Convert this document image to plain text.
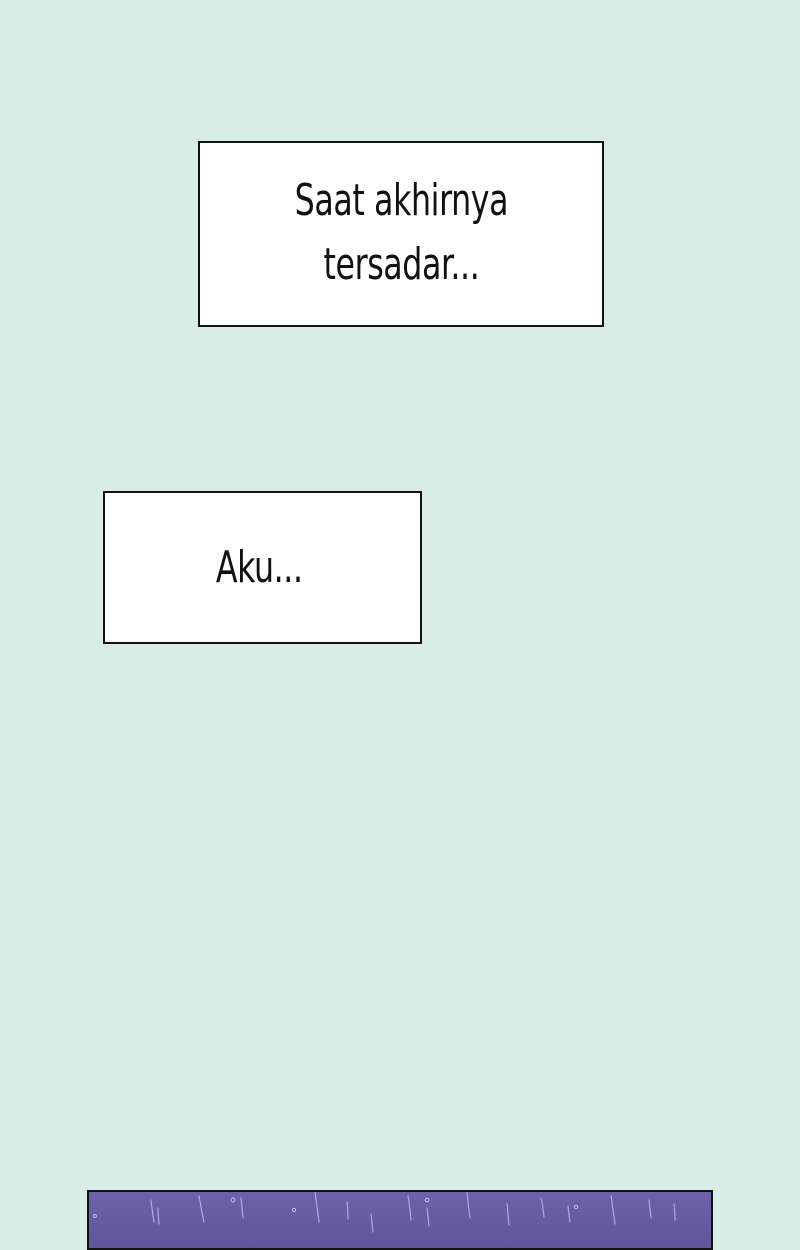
Saat akhirnya
tersadar...
Aku...
